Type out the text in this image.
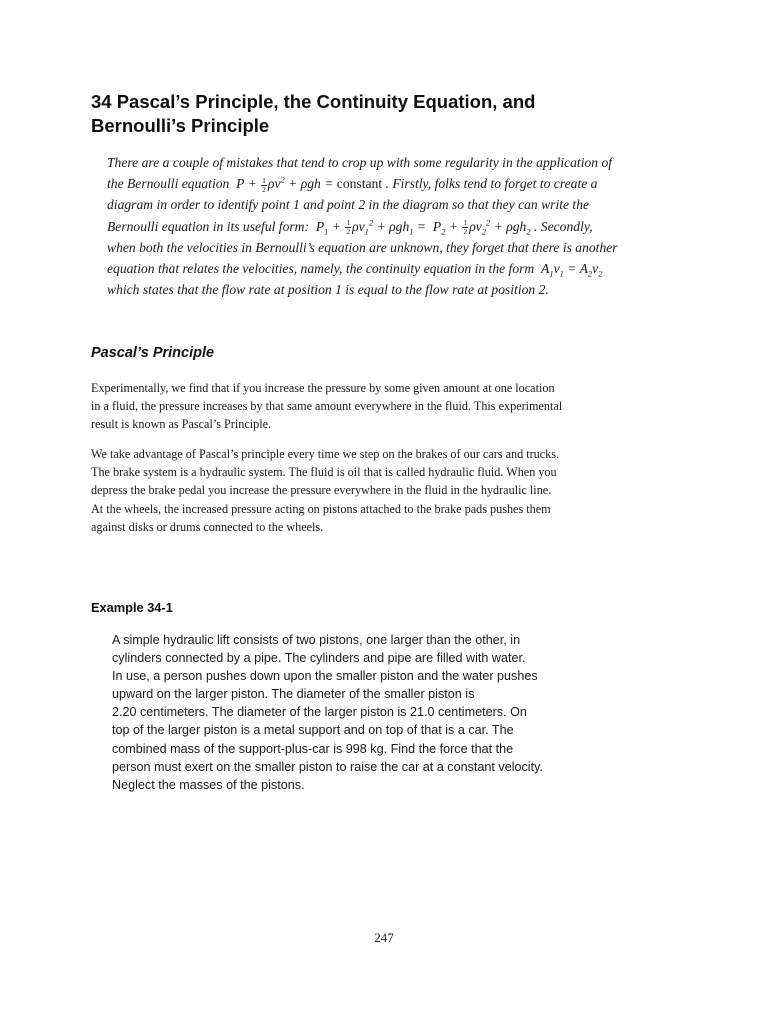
34 Pascal’s Principle, the Continuity Equation, and
Bernoulli’s Principle

There are a couple of mistakes that tend to crop up with some regularity in the application of
the Bernoulli equation  $P + \frac{1}{2} \rho v^2 + \rho gh$ = constant . Firstly, folks tend to forget to create a
diagram in order to identify point 1 and point 2 in the diagram so that they can write the
Bernoulli equation in its useful form:  $P_1 + \frac{1}{2} \rho v_1^2 + \rho gh_1 = P_2 + \frac{1}{2} \rho v_2^2 + \rho gh_2$ . Secondly,
when both the velocities in Bernoulli’s equation are unknown, they forget that there is another
equation that relates the velocities, namely, the continuity equation in the form  $A_1v_1 = A_2v_2$
which states that the flow rate at position 1 is equal to the flow rate at position 2.

Pascal’s Principle

Experimentally, we find that if you increase the pressure by some given amount at one location
in a fluid, the pressure increases by that same amount everywhere in the fluid. This experimental
result is known as Pascal’s Principle.

We take advantage of Pascal’s principle every time we step on the brakes of our cars and trucks.
The brake system is a hydraulic system. The fluid is oil that is called hydraulic fluid. When you
depress the brake pedal you increase the pressure everywhere in the fluid in the hydraulic line.
At the wheels, the increased pressure acting on pistons attached to the brake pads pushes them
against disks or drums connected to the wheels.

Example 34-1

A simple hydraulic lift consists of two pistons, one larger than the other, in
cylinders connected by a pipe. The cylinders and pipe are filled with water.
In use, a person pushes down upon the smaller piston and the water pushes
upward on the larger piston. The diameter of the smaller piston is
2.20 centimeters. The diameter of the larger piston is 21.0 centimeters. On
top of the larger piston is a metal support and on top of that is a car. The
combined mass of the support-plus-car is 998 kg. Find the force that the
person must exert on the smaller piston to raise the car at a constant velocity.
Neglect the masses of the pistons.

247
